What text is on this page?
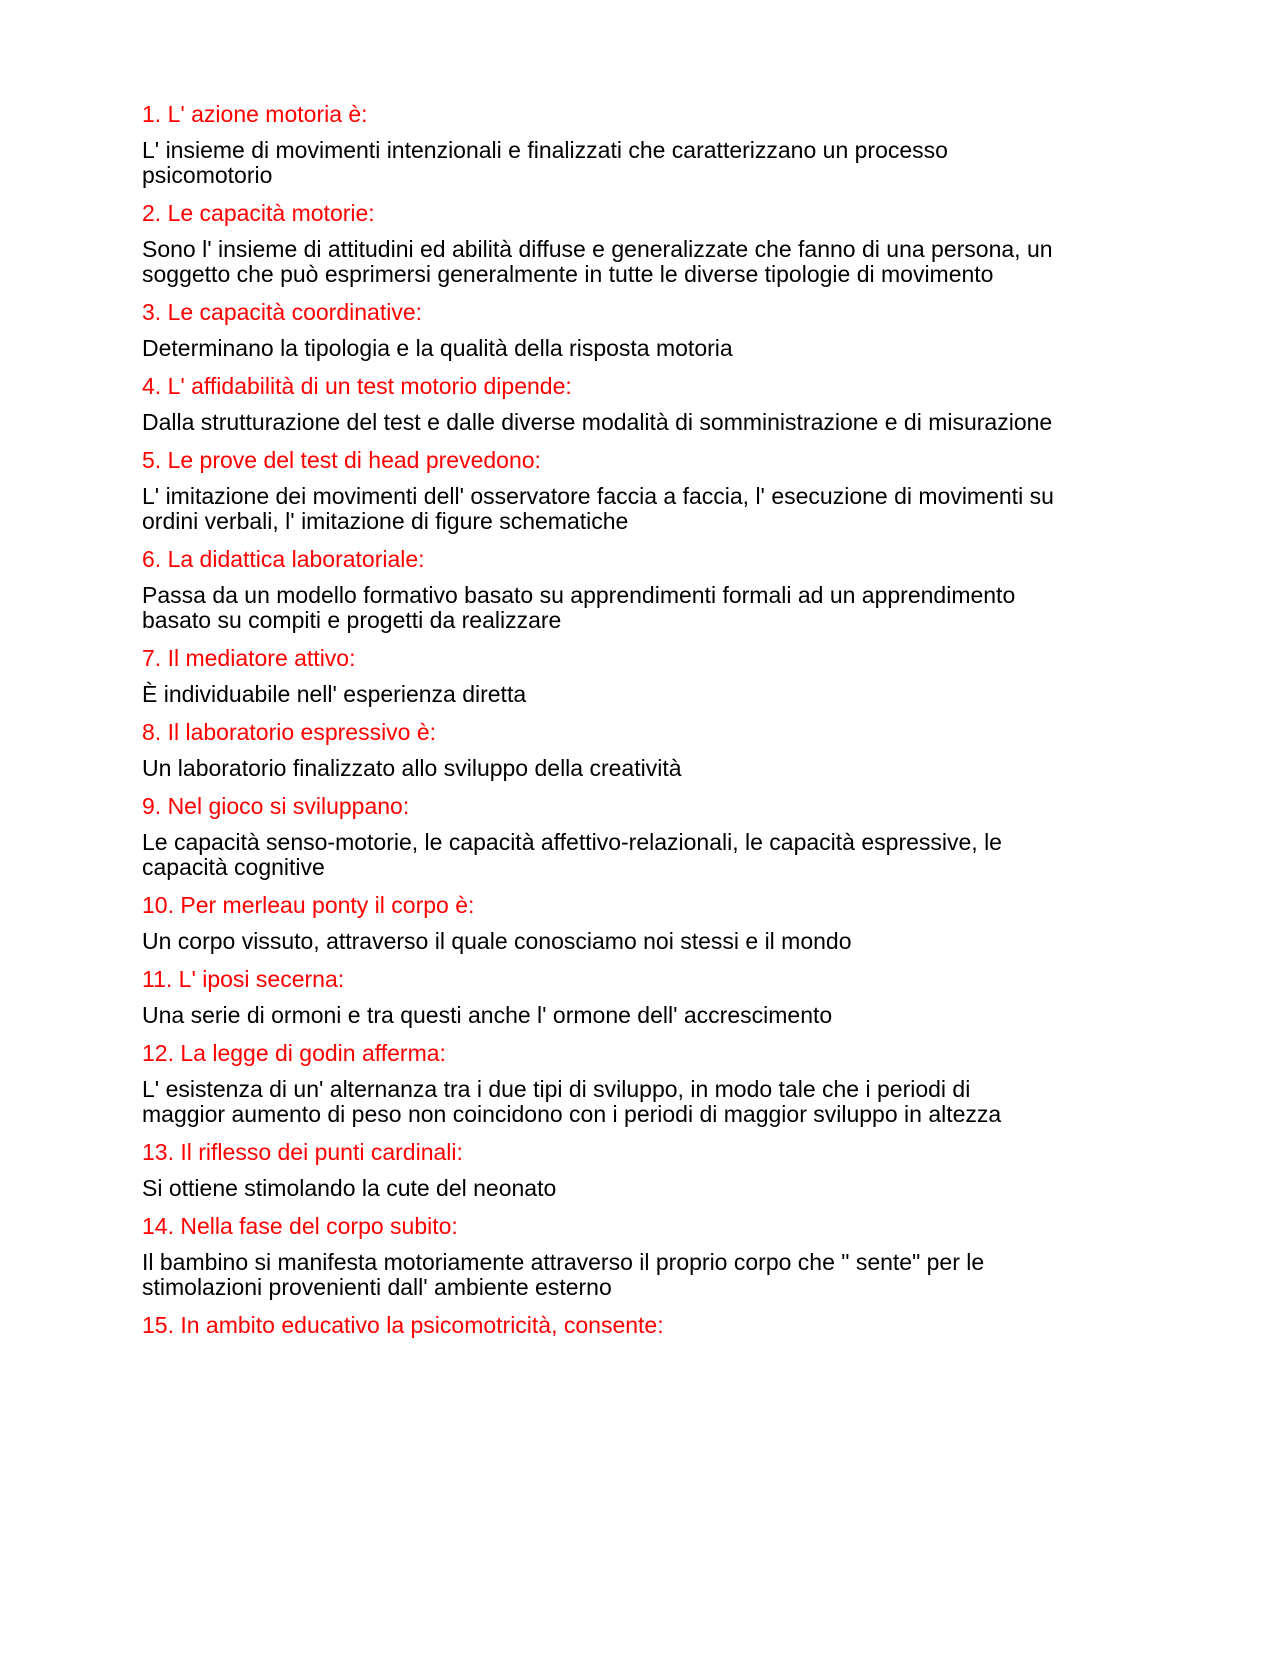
1. L' azione motoria è:
L' insieme di movimenti intenzionali e finalizzati che caratterizzano un processo
psicomotorio
2. Le capacità motorie:
Sono l' insieme di attitudini ed abilità diffuse e generalizzate che fanno di una persona, un
soggetto che può esprimersi generalmente in tutte le diverse tipologie di movimento
3. Le capacità coordinative:
Determinano la tipologia e la qualità della risposta motoria
4. L' affidabilità di un test motorio dipende:
Dalla strutturazione del test e dalle diverse modalità di somministrazione e di misurazione
5. Le prove del test di head prevedono:
L' imitazione dei movimenti dell' osservatore faccia a faccia, l' esecuzione di movimenti su
ordini verbali, l' imitazione di figure schematiche
6. La didattica laboratoriale:
Passa da un modello formativo basato su apprendimenti formali ad un apprendimento
basato su compiti e progetti da realizzare
7. Il mediatore attivo:
È individuabile nell' esperienza diretta
8. Il laboratorio espressivo è:
Un laboratorio finalizzato allo sviluppo della creatività
9. Nel gioco si sviluppano:
Le capacità senso-motorie, le capacità affettivo-relazionali, le capacità espressive, le
capacità cognitive
10. Per merleau ponty il corpo è:
Un corpo vissuto, attraverso il quale conosciamo noi stessi e il mondo
11. L' iposi secerna:
Una serie di ormoni e tra questi anche l' ormone dell' accrescimento
12. La legge di godin afferma:
L' esistenza di un' alternanza tra i due tipi di sviluppo, in modo tale che i periodi di
maggior aumento di peso non coincidono con i periodi di maggior sviluppo in altezza
13. Il riflesso dei punti cardinali:
Si ottiene stimolando la cute del neonato
14. Nella fase del corpo subito:
Il bambino si manifesta motoriamente attraverso il proprio corpo che " sente" per le
stimolazioni provenienti dall' ambiente esterno
15. In ambito educativo la psicomotricità, consente:
